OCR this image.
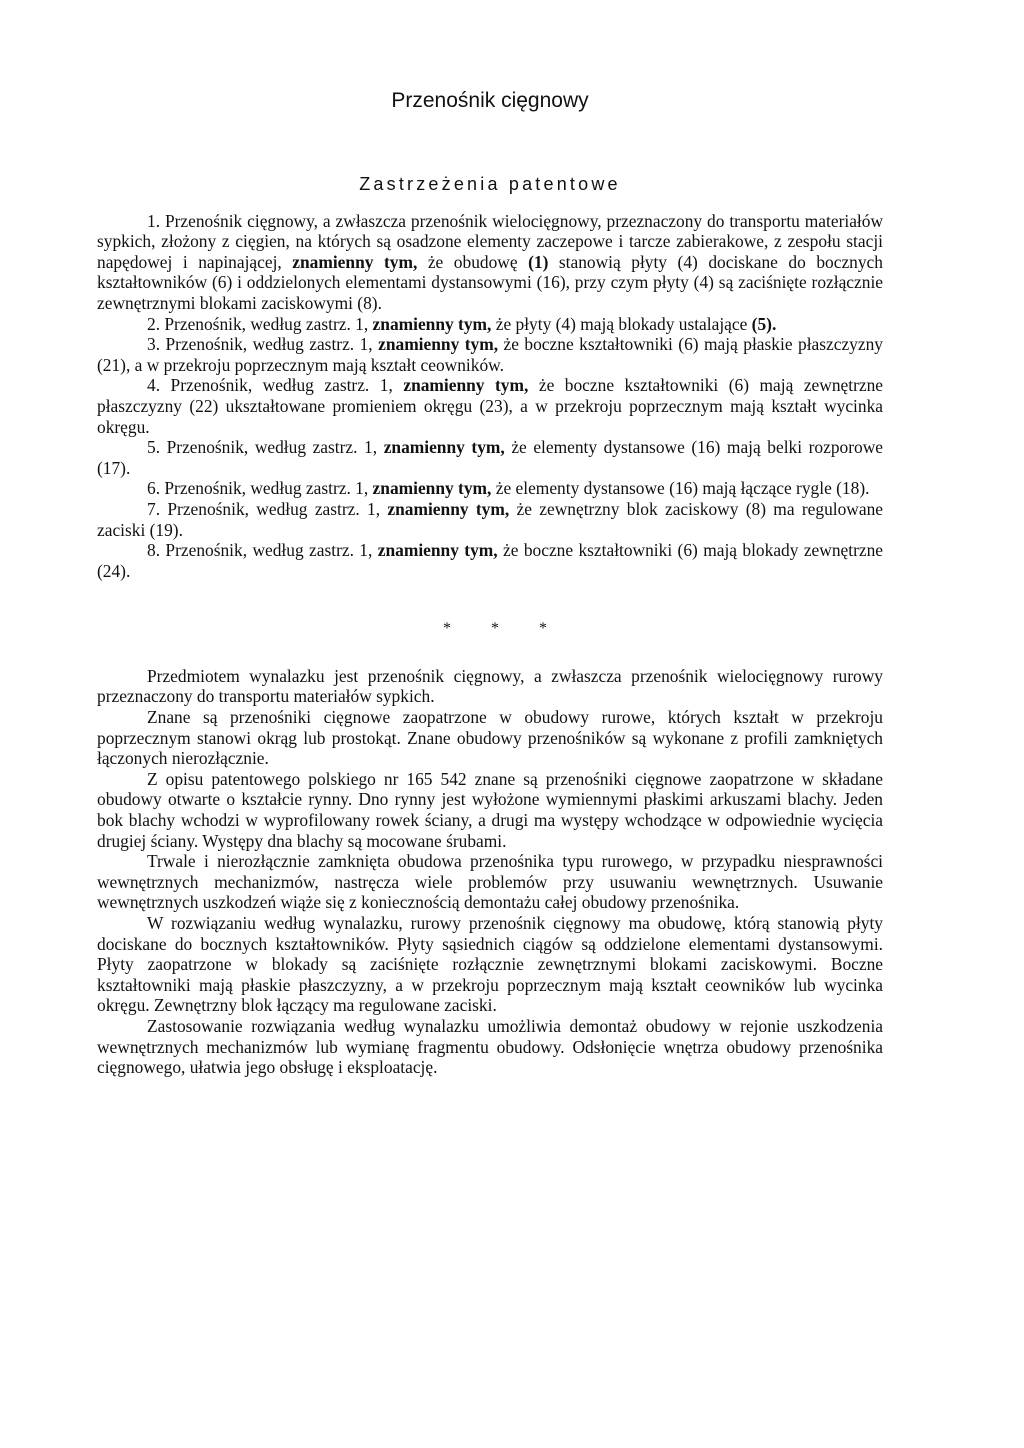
Przenośnik cięgnowy
Zastrzeżenia patentowe

1. Przenośnik cięgnowy, a zwłaszcza przenośnik wielocięgnowy, przeznaczony do transportu materiałów sypkich, złożony z cięgien, na których są osadzone elementy zaczepowe i tarcze zabierakowe, z zespołu stacji napędowej i napinającej, znamienny tym, że obudowę (1) stanowią płyty (4) dociskane do bocznych kształtowników (6) i oddzielonych elementami dystansowymi (16), przy czym płyty (4) są zaciśnięte rozłącznie zewnętrznymi blokami zaciskowymi (8).

2. Przenośnik, według zastrz. 1, znamienny tym, że płyty (4) mają blokady ustalające (5).

3. Przenośnik, według zastrz. 1, znamienny tym, że boczne kształtowniki (6) mają płaskie płaszczyzny (21), a w przekroju poprzecznym mają kształt ceowników.

4. Przenośnik, według zastrz. 1, znamienny tym, że boczne kształtowniki (6) mają zewnętrzne płaszczyzny (22) ukształtowane promieniem okręgu (23), a w przekroju poprzecznym mają kształt wycinka okręgu.

5. Przenośnik, według zastrz. 1, znamienny tym, że elementy dystansowe (16) mają belki rozporowe (17).

6. Przenośnik, według zastrz. 1, znamienny tym, że elementy dystansowe (16) mają łączące rygle (18).

7. Przenośnik, według zastrz. 1, znamienny tym, że zewnętrzny blok zaciskowy (8) ma regulowane zaciski (19).

8. Przenośnik, według zastrz. 1, znamienny tym, że boczne kształtowniki (6) mają blokady zewnętrzne (24).

* * *

Przedmiotem wynalazku jest przenośnik cięgnowy, a zwłaszcza przenośnik wielocięgnowy rurowy przeznaczony do transportu materiałów sypkich.

Znane są przenośniki cięgnowe zaopatrzone w obudowy rurowe, których kształt w przekroju poprzecznym stanowi okrąg lub prostokąt. Znane obudowy przenośników są wykonane z profili zamkniętych łączonych nierozłącznie.

Z opisu patentowego polskiego nr 165 542 znane są przenośniki cięgnowe zaopatrzone w składane obudowy otwarte o kształcie rynny. Dno rynny jest wyłożone wymiennymi płaskimi arkuszami blachy. Jeden bok blachy wchodzi w wyprofilowany rowek ściany, a drugi ma występy wchodzące w odpowiednie wycięcia drugiej ściany. Występy dna blachy są mocowane śrubami.

Trwale i nierozłącznie zamknięta obudowa przenośnika typu rurowego, w przypadku niesprawności wewnętrznych mechanizmów, nastręcza wiele problemów przy usuwaniu wewnętrznych. Usuwanie wewnętrznych uszkodzeń wiąże się z koniecznością demontażu całej obudowy przenośnika.

W rozwiązaniu według wynalazku, rurowy przenośnik cięgnowy ma obudowę, którą stanowią płyty dociskane do bocznych kształtowników. Płyty sąsiednich ciągów są oddzielone elementami dystansowymi. Płyty zaopatrzone w blokady są zaciśnięte rozłącznie zewnętrznymi blokami zaciskowymi. Boczne kształtowniki mają płaskie płaszczyzny, a w przekroju poprzecznym mają kształt ceowników lub wycinka okręgu. Zewnętrzny blok łączący ma regulowane zaciski.

Zastosowanie rozwiązania według wynalazku umożliwia demontaż obudowy w rejonie uszkodzenia wewnętrznych mechanizmów lub wymianę fragmentu obudowy. Odsłonięcie wnętrza obudowy przenośnika cięgnowego, ułatwia jego obsługę i eksploatację.
